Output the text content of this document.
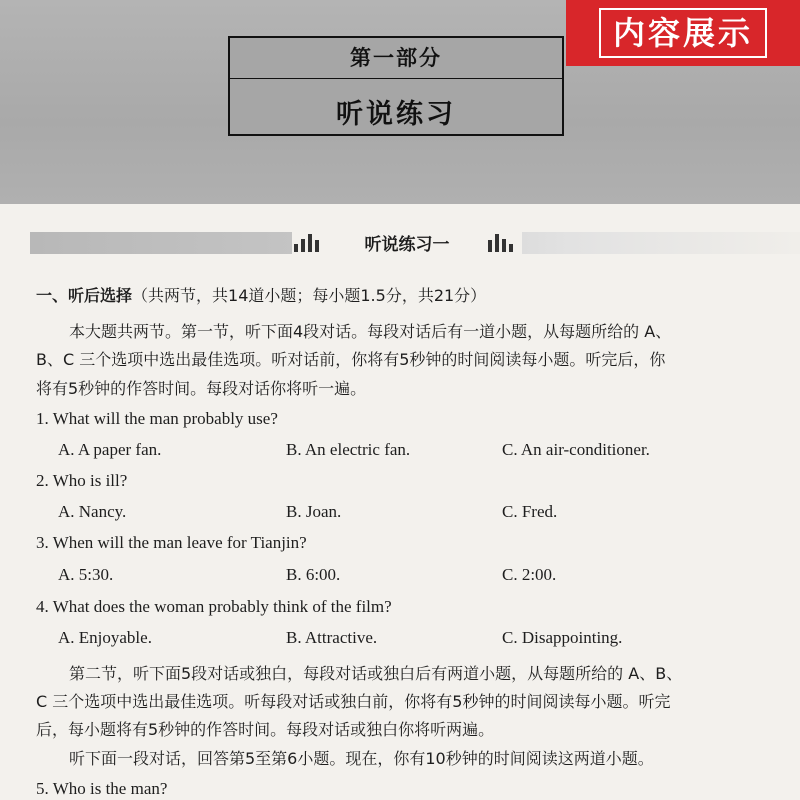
第一部分
听说练习
内容展示
听说练习一
一、听后选择（共两节，共14道小题；每小题1.5分，共21分）
本大题共两节。第一节，听下面4段对话。每段对话后有一道小题，从每题所给的 A、
B、C 三个选项中选出最佳选项。听对话前，你将有5秒钟的时间阅读每小题。听完后，你
将有5秒钟的作答时间。每段对话你将听一遍。
1. What will the man probably use?
A. A paper fan.	B. An electric fan.	C. An air-conditioner.
2. Who is ill?
A. Nancy.	B. Joan.	C. Fred.
3. When will the man leave for Tianjin?
A. 5:30.	B. 6:00.	C. 2:00.
4. What does the woman probably think of the film?
A. Enjoyable.	B. Attractive.	C. Disappointing.
第二节，听下面5段对话或独白，每段对话或独白后有两道小题，从每题所给的 A、B、
C 三个选项中选出最佳选项。听每段对话或独白前，你将有5秒钟的时间阅读每小题。听完
后，每小题将有5秒钟的作答时间。每段对话或独白你将听两遍。
听下面一段对话，回答第5至第6小题。现在，你有10秒钟的时间阅读这两道小题。
5. Who is the man?
